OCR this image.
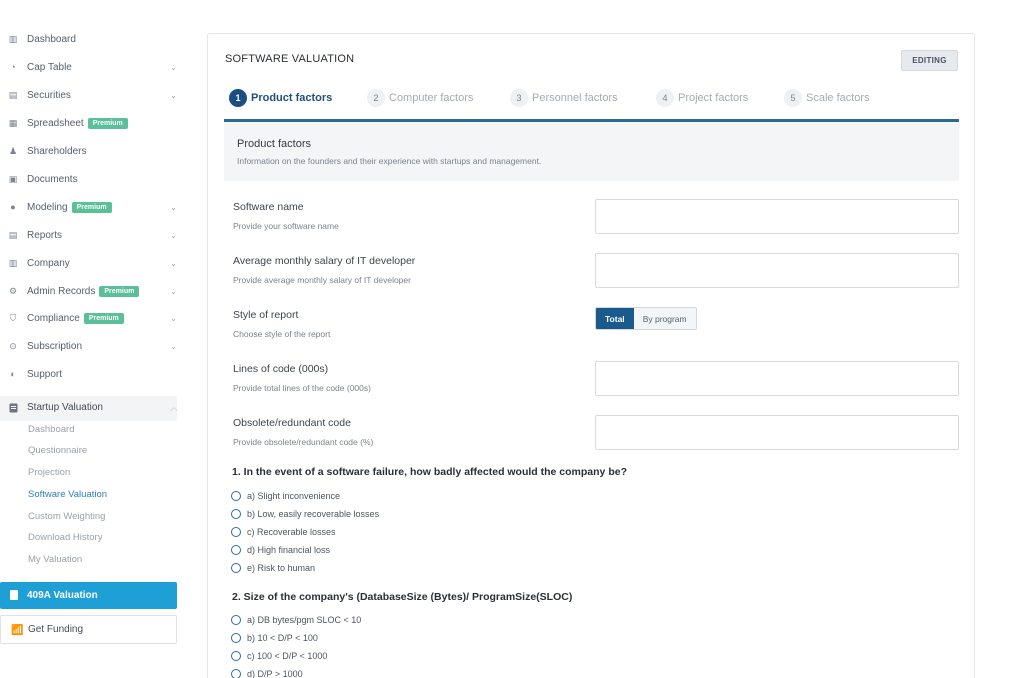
▥ Dashboard
◔ Cap Table	⌄
▤ Securities	⌄
▦ Spreadsheet	Premium
♟ Shareholders
▣ Documents
● Modeling	Premium	⌄
▤ Reports	⌄
▥ Company	⌄
⚙ Admin Records	Premium	⌄
⛉ Compliance	Premium	⌄
⊙ Subscription	⌄
◐ Support
Startup Valuation	︿
Dashboard
Questionnaire
Projection
Software Valuation
Custom Weighting
Download History
My Valuation
409A Valuation
📶 Get Funding
SOFTWARE VALUATION	EDITING
1 Product factors	2 Computer factors	3 Personnel factors	4 Project factors	5 Scale factors
Product factors
Information on the founders and their experience with startups and management.
Software name
Provide your software name
Average monthly salary of IT developer
Provide average monthly salary of IT developer
Style of report
Choose style of the report
Total	By program
Lines of code (000s)
Provide total lines of the code (000s)
Obsolete/redundant code
Provide obsolete/redundant code (%)
1. In the event of a software failure, how badly affected would the company be?
a) Slight inconvenience
b) Low, easily recoverable losses
c) Recoverable losses
d) High financial loss
e) Risk to human
2. Size of the company's (DatabaseSize (Bytes)/ ProgramSize(SLOC)
a) DB bytes/pgm SLOC < 10
b) 10 < D/P < 100
c) 100 < D/P < 1000
d) D/P > 1000
